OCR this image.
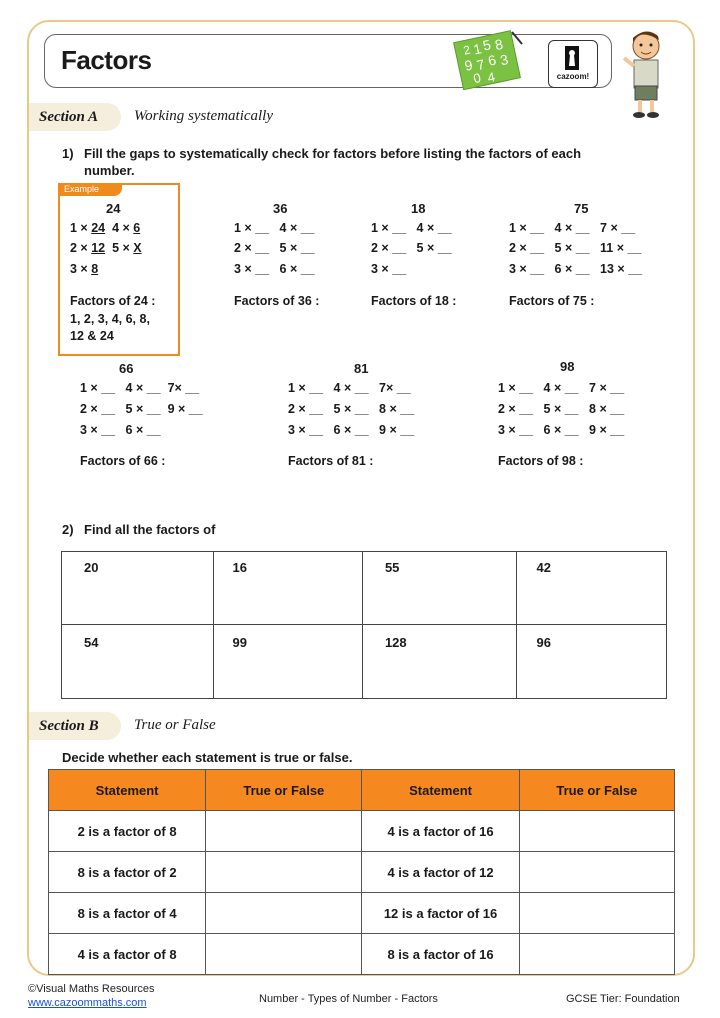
Factors	2 1
5 8
9 7 6 3
0 4	cazoom!
Section A	Working systematically
1) Fill the gaps to systematically check for factors before listing the factors of each
number.
Example
24
1 × 24 4 × 6
2 × 12 5 × X
3 × 8
Factors of 24 :
1, 2, 3, 4, 6, 8,
12 & 24
36
1 × __   4 × __
2 × __   5 × __
3 × __   6 × __
Factors of 36 :
18
1 × __   4 × __
2 × __   5 × __
3 × __
Factors of 18 :
75
1 × __   4 × __   7 × __
2 × __   5 × __   11 × __
3 × __   6 × __   13 × __
Factors of 75 :
66
1 × __   4 × __  7× __
2 × __   5 × __  9 × __
3 × __   6 × __
Factors of 66 :
81
1 × __   4 × __   7× __
2 × __   5 × __   8 × __
3 × __   6 × __   9 × __
Factors of 81 :
98
1 × __   4 × __   7 × __
2 × __   5 × __   8 × __
3 × __   6 × __   9 × __
Factors of 98 :
2) Find all the factors of
20	16	55	42
54	99	128	96
Section B	True or False
Decide whether each statement is true or false.
Statement	True or False	Statement	True or False
2 is a factor of 8		4 is a factor of 16	
8 is a factor of 2		4 is a factor of 12	
8 is a factor of 4		12 is a factor of 16	
4 is a factor of 8		8 is a factor of 16	
©Visual Maths Resources
www.cazoommaths.com	Number - Types of Number - Factors	GCSE Tier: Foundation
